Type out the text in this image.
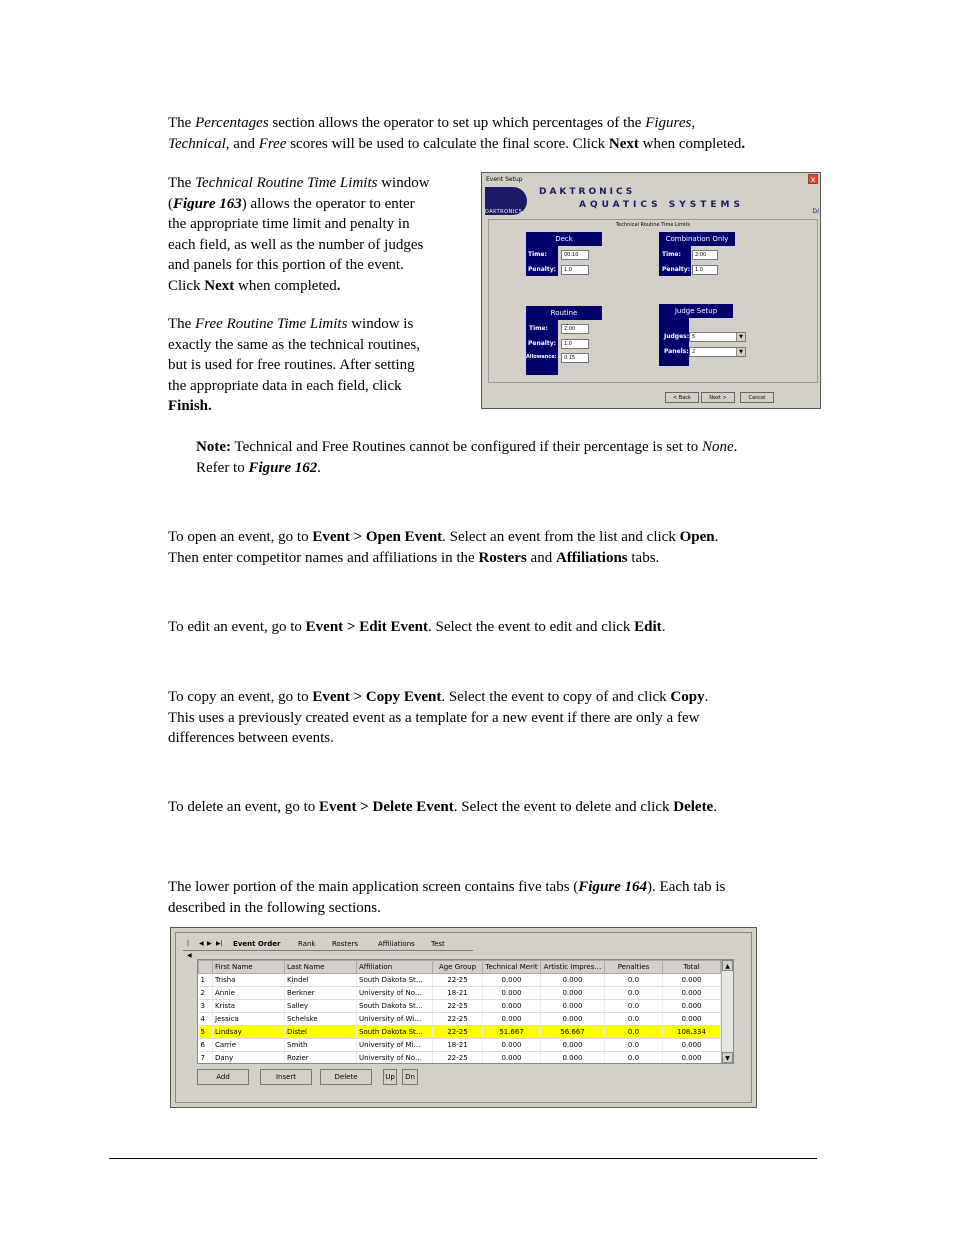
The Percentages section allows the operator to set up which percentages of the Figures,
Technical, and Free scores will be used to calculate the final score. Click Next when completed.
The Technical Routine Time Limits window
(Figure 163) allows the operator to enter
the appropriate time limit and penalty in
each field, as well as the number of judges
and panels for this portion of the event.
Click Next when completed.
The Free Routine Time Limits window is
exactly the same as the technical routines,
but is used for free routines. After setting
the appropriate data in each field, click
Finish.
Event Setup	x
DAKTRONICS
DAKTRONICS
AQUATICS SYSTEMS
D/
Technical Routine Time Limits
Deck
Time:	00:10
Penalty:	1.0
Combination Only
Time:	2:00
Penalty: 1.0
Routine
Time:	2:00
Penalty:	1.0
Allowance:	0:15
Judge Setup
Judges: 5	▼
Panels: 2	▼
< Back	Next >	Cancel
Note: Technical and Free Routines cannot be configured if their percentage is set to None.
Refer to Figure 162.
To open an event, go to Event > Open Event. Select an event from the list and click Open.
Then enter competitor names and affiliations in the Rosters and Affiliations tabs.
To edit an event, go to Event > Edit Event. Select the event to edit and click Edit.
To copy an event, go to Event > Copy Event. Select the event to copy of and click Copy.
This uses a previously created event as a template for a new event if there are only a few
differences between events.
To delete an event, go to Event > Delete Event. Select the event to delete and click Delete.
The lower portion of the main application screen contains five tabs (Figure 164). Each tab is
described in the following sections.
|◀
◀ ▶ ▶| Event Order	Rank Rosters	Affiliations Test
	First Name	Last Name	Affiliation	Age Group	Technical Merit	Artistic Impres…	Penalties	Total
1	Trisha	Kindel	South Dakota St…	22-25	0.000	0.000	0.0	0.000
2	Annie	Berkner	University of No…	18-21	0.000	0.000	0.0	0.000
3	Krista	Salley	South Dakota St…	22-25	0.000	0.000	0.0	0.000
4	Jessica	Schelske	University of Wi…	22-25	0.000	0.000	0.0	0.000
5	Lindsay	Distel	South Dakota St…	22-25	51.667	56.667	0.0	108.334
6	Carrie	Smith	University of Mi…	18-21	0.000	0.000	0.0	0.000
7	Dany	Rozier	University of No…	22-25	0.000	0.000	0.0	0.000
▲
▼
Add	Insert	Delete	Up	Dn
